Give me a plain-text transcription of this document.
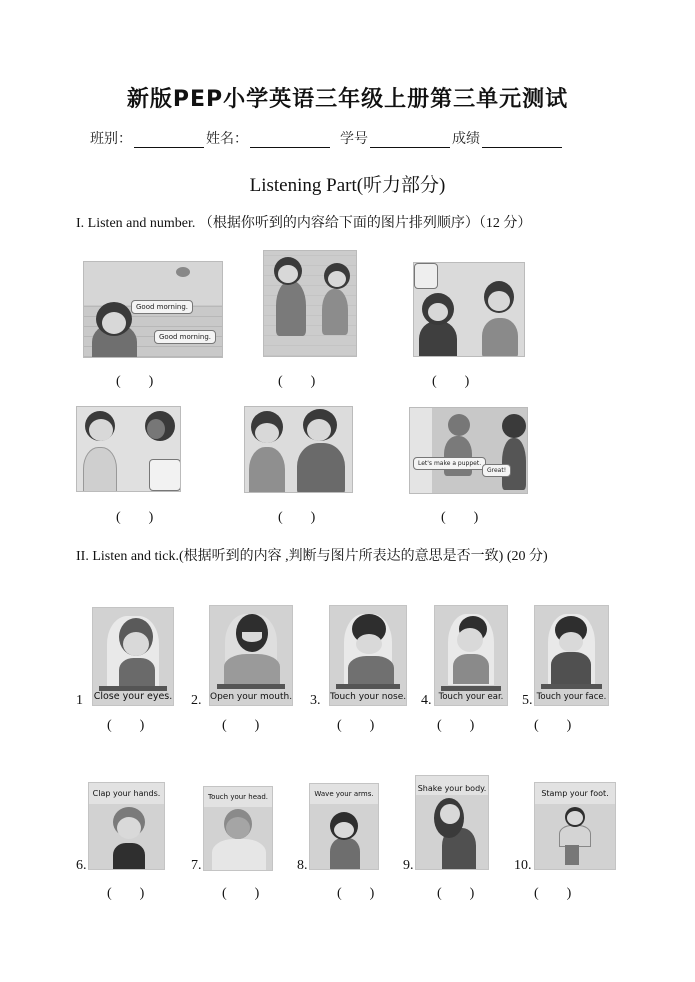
新版PEP小学英语三年级上册第三单元测试
班别：	姓名：	学号	成绩
Listening Part(听力部分)
I. Listen and number. （根据你听到的内容给下面的图片排列顺序）（12 分）
Good morning.
Good morning.
(        )	(        )	(        )
(        )	(        )
Let's make a puppet.
Great!
(        )
II. Listen and tick.(根据听到的内容 ,判断与图片所表达的意思是否一致) (20 分)
1 Close your eyes.
(        )
2. Open your mouth.
(        )
3. Touch your nose.
(        )
4. Touch your ear.
(        )
5. Touch your face.
(        )
6.
Clap your hands.
(        )
7.
Touch your head.
(        )
8.
Wave your arms.
(        )
9.
Shake your body.
(        )
10.
Stamp your foot.
(        )
